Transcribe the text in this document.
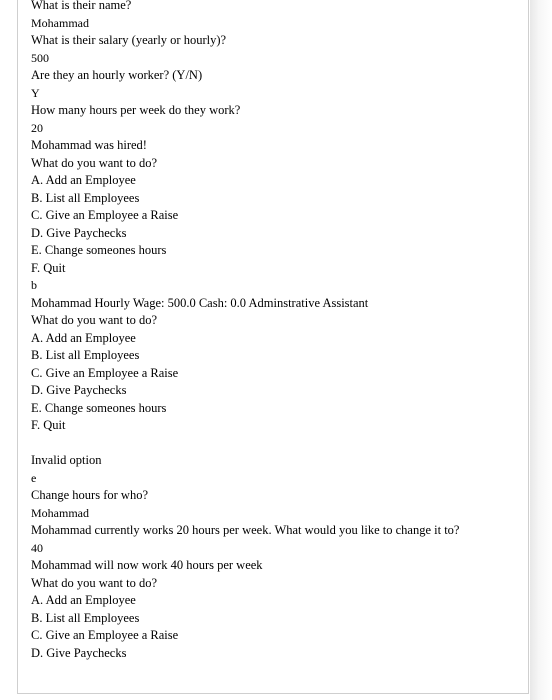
What is their name?
Mohammad
What is their salary (yearly or hourly)?
500
Are they an hourly worker? (Y/N)
Y
How many hours per week do they work?
20
Mohammad was hired!
What do you want to do?
A. Add an Employee
B. List all Employees
C. Give an Employee a Raise
D. Give Paychecks
E. Change someones hours
F. Quit
b
Mohammad Hourly Wage: 500.0 Cash: 0.0 Adminstrative Assistant
What do you want to do?
A. Add an Employee
B. List all Employees
C. Give an Employee a Raise
D. Give Paychecks
E. Change someones hours
F. Quit
Invalid option
e
Change hours for who?
Mohammad
Mohammad currently works 20 hours per week. What would you like to change it to?
40
Mohammad will now work 40 hours per week
What do you want to do?
A. Add an Employee
B. List all Employees
C. Give an Employee a Raise
D. Give Paychecks
